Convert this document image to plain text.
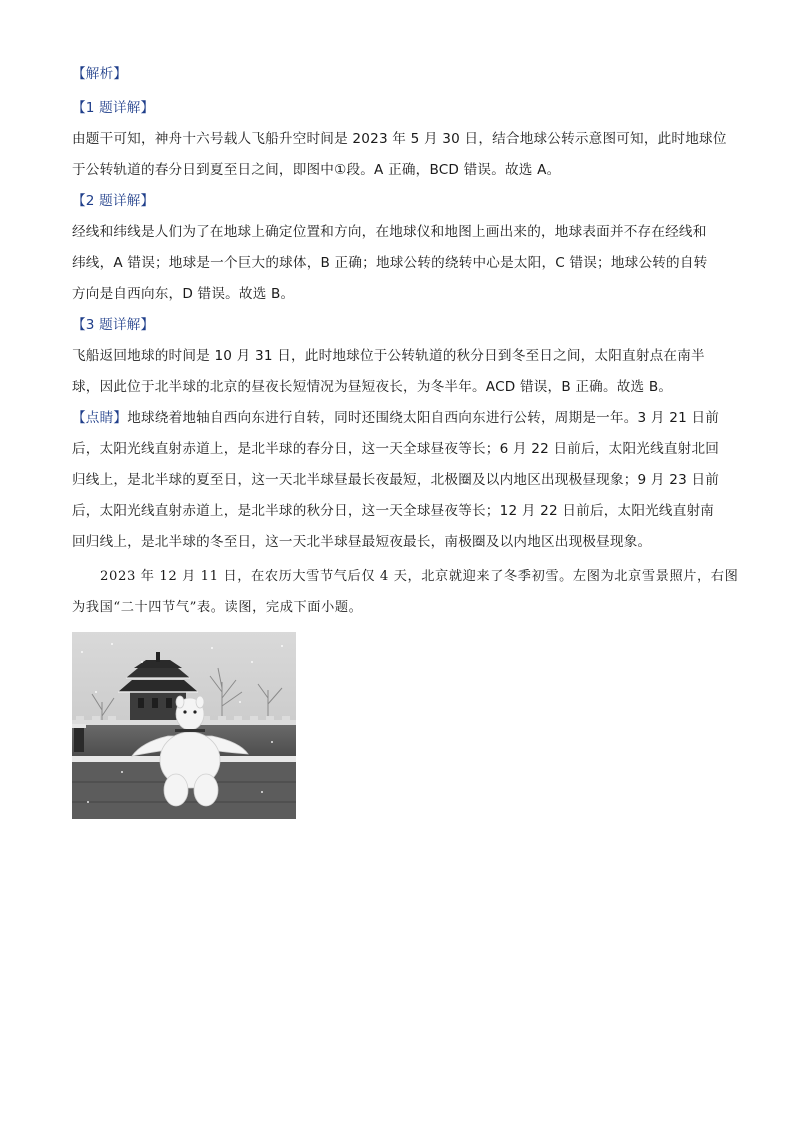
【解析】
【1 题详解】
由题干可知，神舟十六号载人飞船升空时间是 2023 年 5 月 30 日，结合地球公转示意图可知，此时地球位
于公转轨道的春分日到夏至日之间，即图中①段。A 正确，BCD 错误。故选 A。
【2 题详解】
经线和纬线是人们为了在地球上确定位置和方向，在地球仪和地图上画出来的，地球表面并不存在经线和
纬线，A 错误；地球是一个巨大的球体，B 正确；地球公转的绕转中心是太阳，C 错误；地球公转的自转
方向是自西向东，D 错误。故选 B。
【3 题详解】
飞船返回地球的时间是 10 月 31 日，此时地球位于公转轨道的秋分日到冬至日之间，太阳直射点在南半
球，因此位于北半球的北京的昼夜长短情况为昼短夜长，为冬半年。ACD 错误，B 正确。故选 B。
【点睛】地球绕着地轴自西向东进行自转，同时还围绕太阳自西向东进行公转，周期是一年。3 月 21 日前
后，太阳光线直射赤道上，是北半球的春分日，这一天全球昼夜等长；6 月 22 日前后，太阳光线直射北回
归线上，是北半球的夏至日，这一天北半球昼最长夜最短，北极圈及以内地区出现极昼现象；9 月 23 日前
后，太阳光线直射赤道上，是北半球的秋分日，这一天全球昼夜等长；12 月 22 日前后，太阳光线直射南
回归线上，是北半球的冬至日，这一天北半球昼最短夜最长，南极圈及以内地区出现极昼现象。
2023 年 12 月 11 日，在农历大雪节气后仅 4 天，北京就迎来了冬季初雪。左图为北京雪景照片，右图
为我国“二十四节气”表。读图，完成下面小题。
